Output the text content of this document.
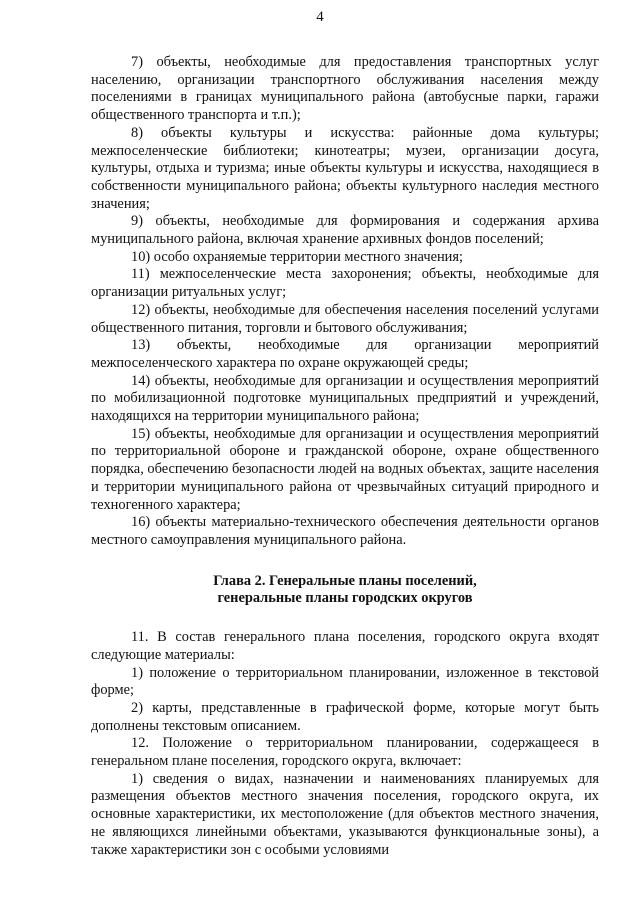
4

7) объекты, необходимые для предоставления транспортных услуг населению, организации транспортного обслуживания населения между поселениями в границах муниципального района (автобусные парки, гаражи общественного транспорта и т.п.);

8) объекты культуры и искусства: районные дома культуры; межпоселенческие библиотеки; кинотеатры; музеи, организации досуга, культуры, отдыха и туризма; иные объекты культуры и искусства, находящиеся в собственности муниципального района; объекты культурного наследия местного значения;

9) объекты, необходимые для формирования и содержания архива муниципального района, включая хранение архивных фондов поселений;

10) особо охраняемые территории местного значения;

11) межпоселенческие места захоронения; объекты, необходимые для организации ритуальных услуг;

12) объекты, необходимые для обеспечения населения поселений услугами общественного питания, торговли и бытового обслуживания;

13) объекты, необходимые для организации мероприятий межпоселенческого характера по охране окружающей среды;

14) объекты, необходимые для организации и осуществления мероприятий по мобилизационной подготовке муниципальных предприятий и учреждений, находящихся на территории муниципального района;

15) объекты, необходимые для организации и осуществления мероприятий по территориальной обороне и гражданской обороне, охране общественного порядка, обеспечению безопасности людей на водных объектах, защите населения и территории муниципального района от чрезвычайных ситуаций природного и техногенного характера;

16) объекты материально-технического обеспечения деятельности органов местного самоуправления муниципального района.

Глава 2. Генеральные планы поселений,

генеральные планы городских округов

11. В состав генерального плана поселения, городского округа входят следующие материалы:

1) положение о территориальном планировании, изложенное в текстовой форме;

2) карты, представленные в графической форме, которые могут быть дополнены текстовым описанием.

12. Положение о территориальном планировании, содержащееся в генеральном плане поселения, городского округа, включает:

1) сведения о видах, назначении и наименованиях планируемых для размещения объектов местного значения поселения, городского округа, их основные характеристики, их местоположение (для объектов местного значения, не являющихся линейными объектами, указываются функциональные зоны), а также характеристики зон с особыми условиями
